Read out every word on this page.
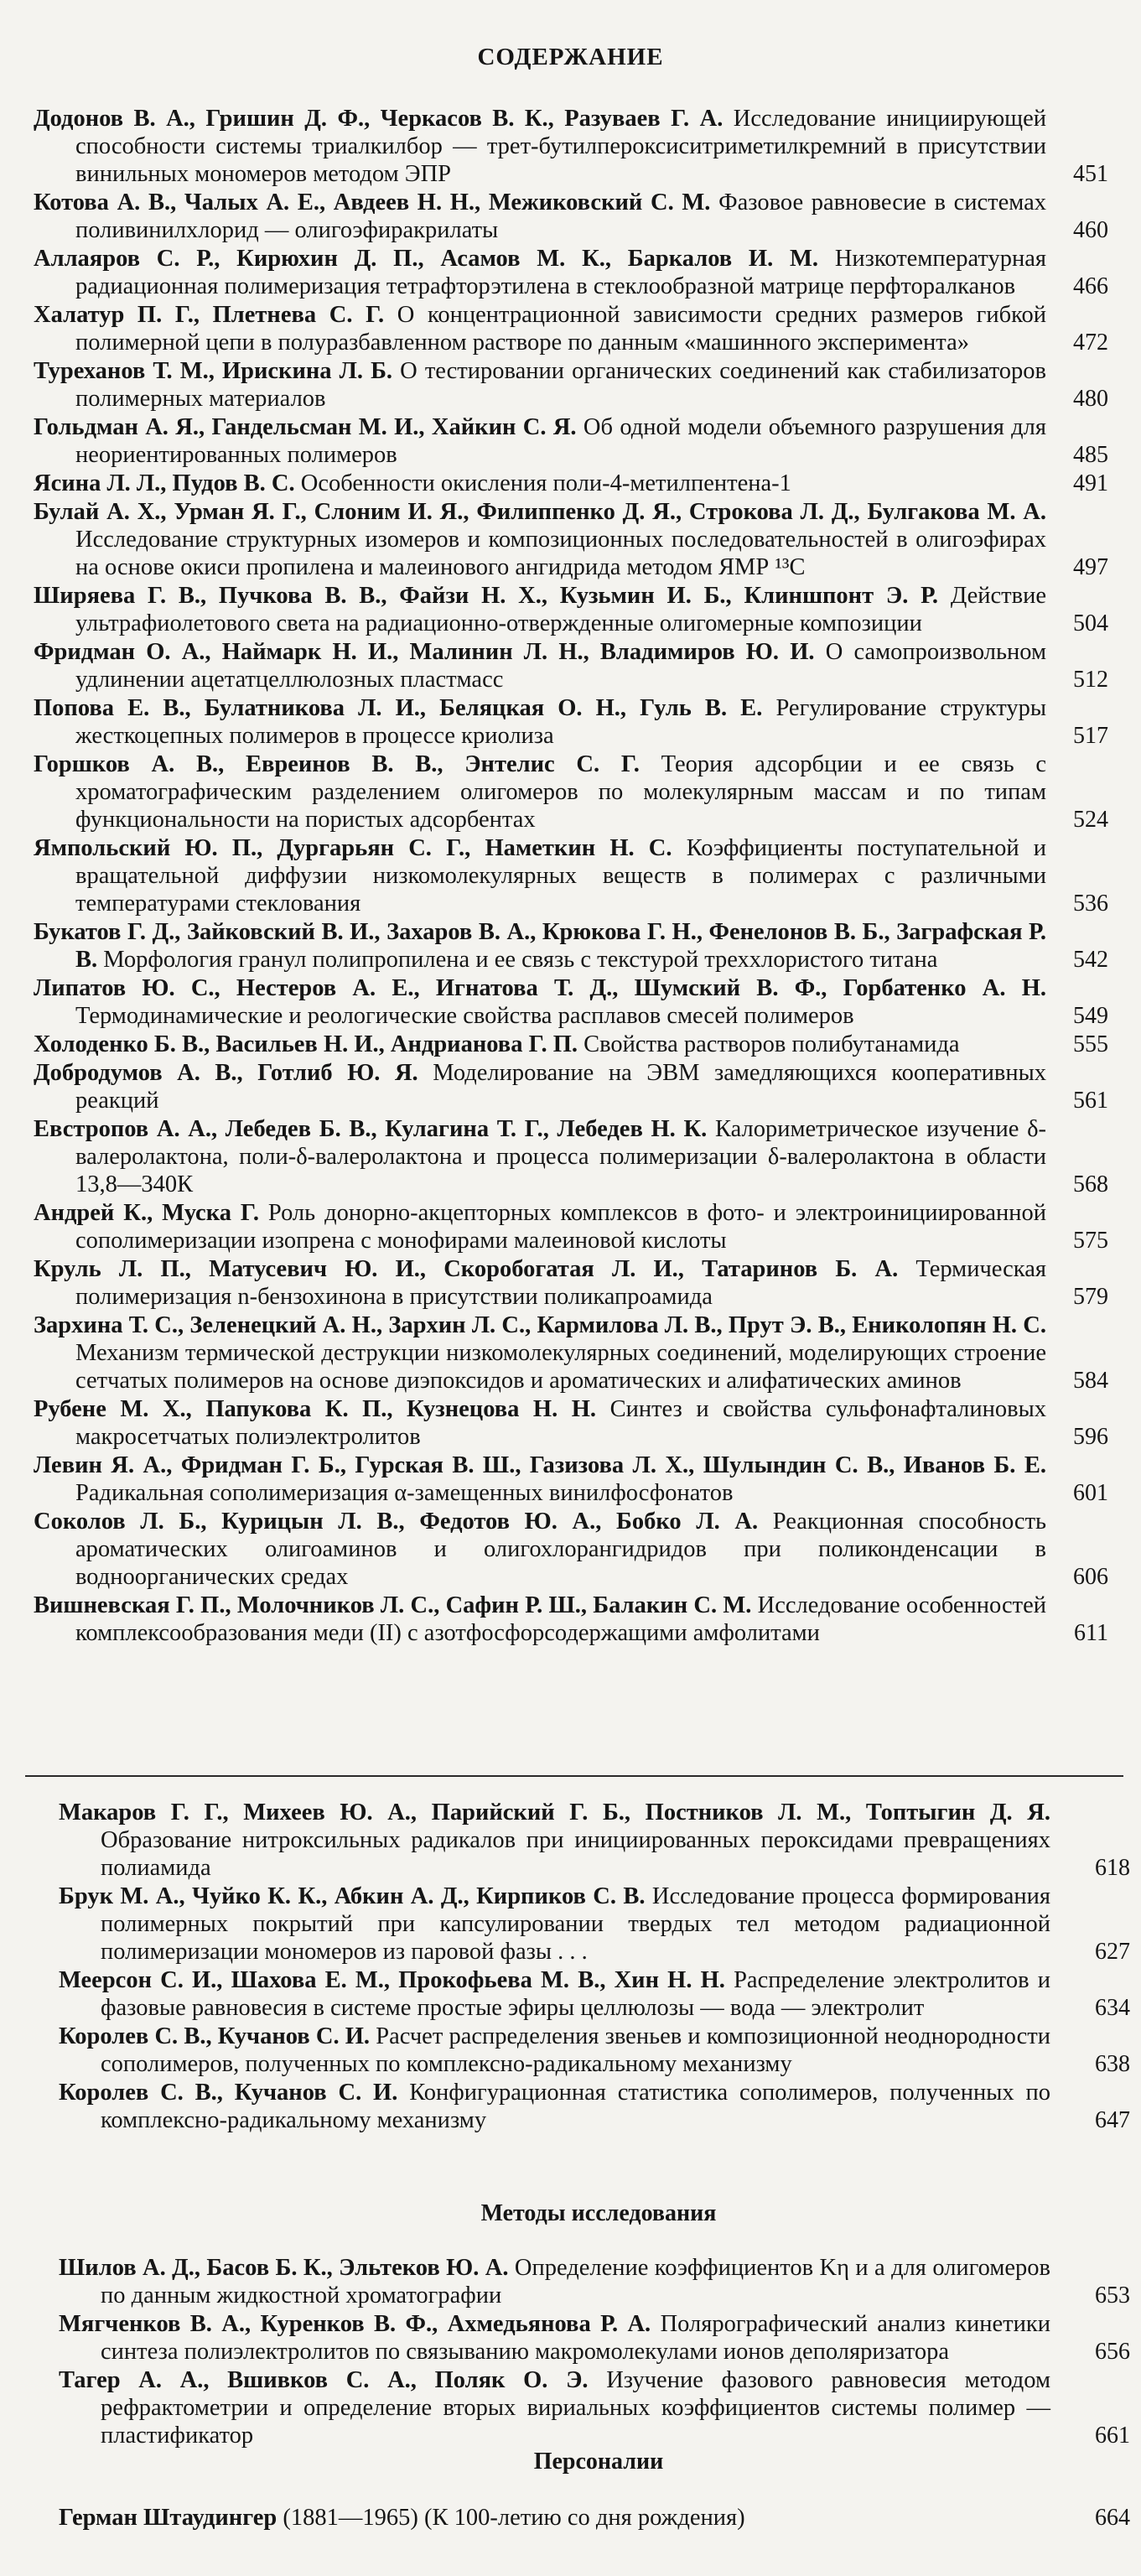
СОДЕРЖАНИЕ
Додонов В. А., Гришин Д. Ф., Черкасов В. К., Разуваев Г. А. Исследование инициирующей способности системы триалкилбор — трет-бутилпероксиситриметилкремний в присутствии винильных мономеров методом ЭПР	451
Котова А. В., Чалых А. Е., Авдеев Н. Н., Межиковский С. М. Фазовое равновесие в системах поливинилхлорид — олигоэфиракрилаты	460
Аллаяров С. Р., Кирюхин Д. П., Асамов М. К., Баркалов И. М. Низкотемпературная радиационная полимеризация тетрафторэтилена в стеклообразной матрице перфторалканов	466
Халатур П. Г., Плетнева С. Г. О концентрационной зависимости средних размеров гибкой полимерной цепи в полуразбавленном растворе по данным «машинного эксперимента»	472
Туреханов Т. М., Ирискина Л. Б. О тестировании органических соединений как стабилизаторов полимерных материалов	480
Гольдман А. Я., Гандельсман М. И., Хайкин С. Я. Об одной модели объемного разрушения для неориентированных полимеров	485
Ясина Л. Л., Пудов В. С. Особенности окисления поли-4-метилпентена-1	491
Булай А. Х., Урман Я. Г., Слоним И. Я., Филиппенко Д. Я., Строкова Л. Д., Булгакова М. А. Исследование структурных изомеров и композиционных последовательностей в олигоэфирах на основе окиси пропилена и малеинового ангидрида методом ЯМР ¹³С	497
Ширяева Г. В., Пучкова В. В., Файзи Н. Х., Кузьмин И. Б., Клиншпонт Э. Р. Действие ультрафиолетового света на радиационно-отвержденные олигомерные композиции	504
Фридман О. А., Наймарк Н. И., Малинин Л. Н., Владимиров Ю. И. О самопроизвольном удлинении ацетатцеллюлозных пластмасс	512
Попова Е. В., Булатникова Л. И., Беляцкая О. Н., Гуль В. Е. Регулирование структуры жесткоцепных полимеров в процессе криолиза	517
Горшков А. В., Евреинов В. В., Энтелис С. Г. Теория адсорбции и ее связь с хроматографическим разделением олигомеров по молекулярным массам и по типам функциональности на пористых адсорбентах	524
Ямпольский Ю. П., Дургарьян С. Г., Наметкин Н. С. Коэффициенты поступательной и вращательной диффузии низкомолекулярных веществ в полимерах с различными температурами стеклования	536
Букатов Г. Д., Зайковский В. И., Захаров В. А., Крюкова Г. Н., Фенелонов В. Б., Заграфская Р. В. Морфология гранул полипропилена и ее связь с текстурой треххлористого титана	542
Липатов Ю. С., Нестеров А. Е., Игнатова Т. Д., Шумский В. Ф., Горбатенко А. Н. Термодинамические и реологические свойства расплавов смесей полимеров	549
Холоденко Б. В., Васильев Н. И., Андрианова Г. П. Свойства растворов полибутанамида	555
Добродумов А. В., Готлиб Ю. Я. Моделирование на ЭВМ замедляющихся кооперативных реакций	561
Евстропов А. А., Лебедев Б. В., Кулагина Т. Г., Лебедев Н. К. Калориметрическое изучение δ-валеролактона, поли-δ-валеролактона и процесса полимеризации δ-валеролактона в области 13,8—340К	568
Андрей К., Муска Г. Роль донорно-акцепторных комплексов в фото- и электроинициированной сополимеризации изопрена с монофирами малеиновой кислоты	575
Круль Л. П., Матусевич Ю. И., Скоробогатая Л. И., Татаринов Б. А. Термическая полимеризация n-бензохинона в присутствии поликапроамида	579
Зархина Т. С., Зеленецкий А. Н., Зархин Л. С., Кармилова Л. В., Прут Э. В., Ениколопян Н. С. Механизм термической деструкции низкомолекулярных соединений, моделирующих строение сетчатых полимеров на основе диэпоксидов и ароматических и алифатических аминов	584
Рубене М. Х., Папукова К. П., Кузнецова Н. Н. Синтез и свойства сульфонафталиновых макросетчатых полиэлектролитов	596
Левин Я. А., Фридман Г. Б., Гурская В. Ш., Газизова Л. Х., Шулындин С. В., Иванов Б. Е. Радикальная сополимеризация α-замещенных винилфосфонатов	601
Соколов Л. Б., Курицын Л. В., Федотов Ю. А., Бобко Л. А. Реакционная способность ароматических олигоаминов и олигохлорангидридов при поликонденсации в водноорганических средах	606
Вишневская Г. П., Молочников Л. С., Сафин Р. Ш., Балакин С. М. Исследование особенностей комплексообразования меди (II) с азотфосфорсодержащими амфолитами	611
Макаров Г. Г., Михеев Ю. А., Парийский Г. Б., Постников Л. М., Топтыгин Д. Я. Образование нитроксильных радикалов при инициированных пероксидами превращениях полиамида	618
Брук М. А., Чуйко К. К., Абкин А. Д., Кирпиков С. В. Исследование процесса формирования полимерных покрытий при капсулировании твердых тел методом радиационной полимеризации мономеров из паровой фазы . . .	627
Меерсон С. И., Шахова Е. М., Прокофьева М. В., Хин Н. Н. Распределение электролитов и фазовые равновесия в системе простые эфиры целлюлозы — вода — электролит	634
Королев С. В., Кучанов С. И. Расчет распределения звеньев и композиционной неоднородности сополимеров, полученных по комплексно-радикальному механизму	638
Королев С. В., Кучанов С. И. Конфигурационная статистика сополимеров, полученных по комплексно-радикальному механизму	647
Методы исследования
Шилов А. Д., Басов Б. К., Эльтеков Ю. А. Определение коэффициентов Kη и a для олигомеров по данным жидкостной хроматографии	653
Мягченков В. А., Куренков В. Ф., Ахмедьянова Р. А. Полярографический анализ кинетики синтеза полиэлектролитов по связыванию макромолекулами ионов деполяризатора	656
Тагер А. А., Вшивков С. А., Поляк О. Э. Изучение фазового равновесия методом рефрактометрии и определение вторых вириальных коэффициентов системы полимер — пластификатор	661
Персоналии
Герман Штаудингер (1881—1965) (К 100-летию со дня рождения)	664
